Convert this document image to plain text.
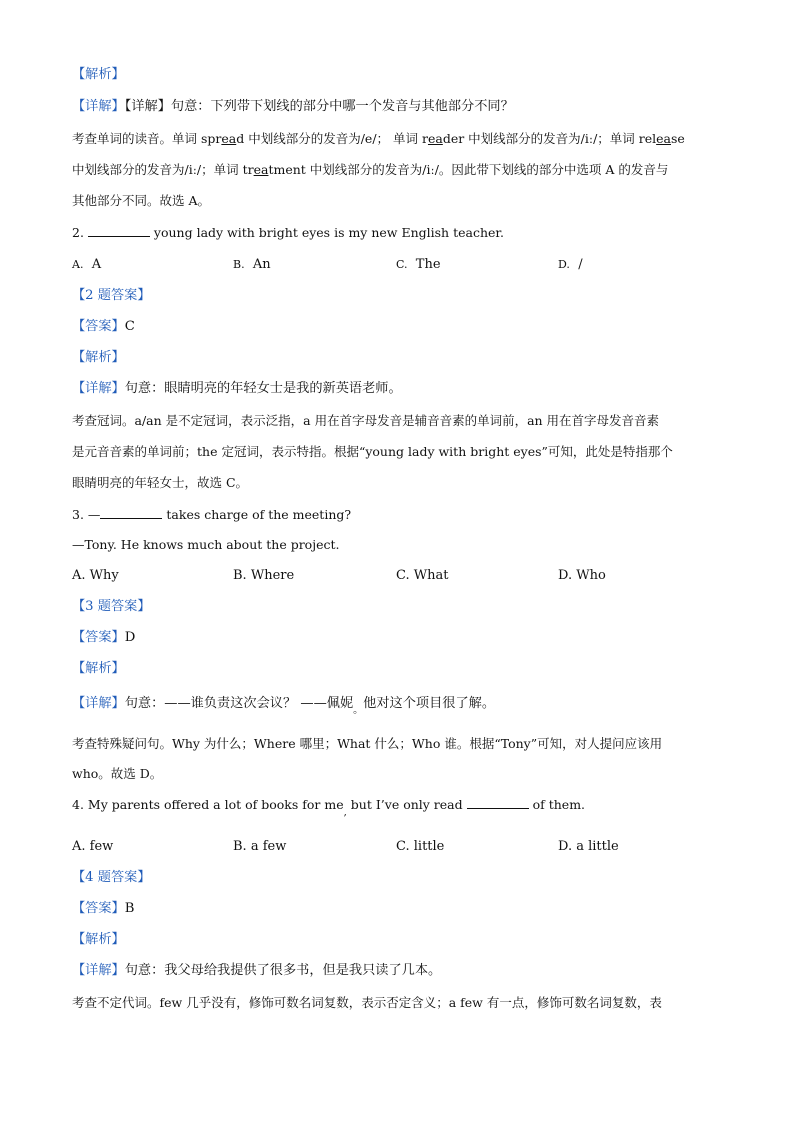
【解析】
【详解】【详解】句意：下列带下划线的部分中哪一个发音与其他部分不同？
考查单词的读音。单词 spread 中划线部分的发音为/e/； 单词 reader 中划线部分的发音为/iː/；单词 release
中划线部分的发音为/iː/；单词 treatment 中划线部分的发音为/iː/。因此带下划线的部分中选项 A 的发音与
其他部分不同。故选 A。
2.	young lady with bright eyes is my new English teacher.
A. A	B. An	C. The	D. /
【2 题答案】
【答案】C
【解析】
【详解】句意：眼睛明亮的年轻女士是我的新英语老师。
考查冠词。a/an 是不定冠词，表示泛指，a 用在首字母发音是辅音音素的单词前，an 用在首字母发音音素
是元音音素的单词前；the 定冠词，表示特指。根据“young lady with bright eyes”可知，此处是特指那个
眼睛明亮的年轻女士，故选 C。
3. —	takes charge of the meeting?
—Tony. He knows much about the project.
A. Why	B. Where	C. What	D. Who
【3 题答案】
【答案】D
【解析】
【详解】句意：——谁负责这次会议？ ——佩妮$_。$他对这个项目很了解。
考查特殊疑问句。Why 为什么；Where 哪里；What 什么；Who 谁。根据“Tony”可知，对人提问应该用
who。故选 D。
4. My parents offered a lot of books for $me_,$ but I’ve only read	of them.
A. few	B. a few	C. little	D. a little
【4 题答案】
【答案】B
【解析】
【详解】句意：我父母给我提供了很多书，但是我只读了几本。
考查不定代词。few 几乎没有，修饰可数名词复数，表示否定含义；a few 有一点，修饰可数名词复数，表
